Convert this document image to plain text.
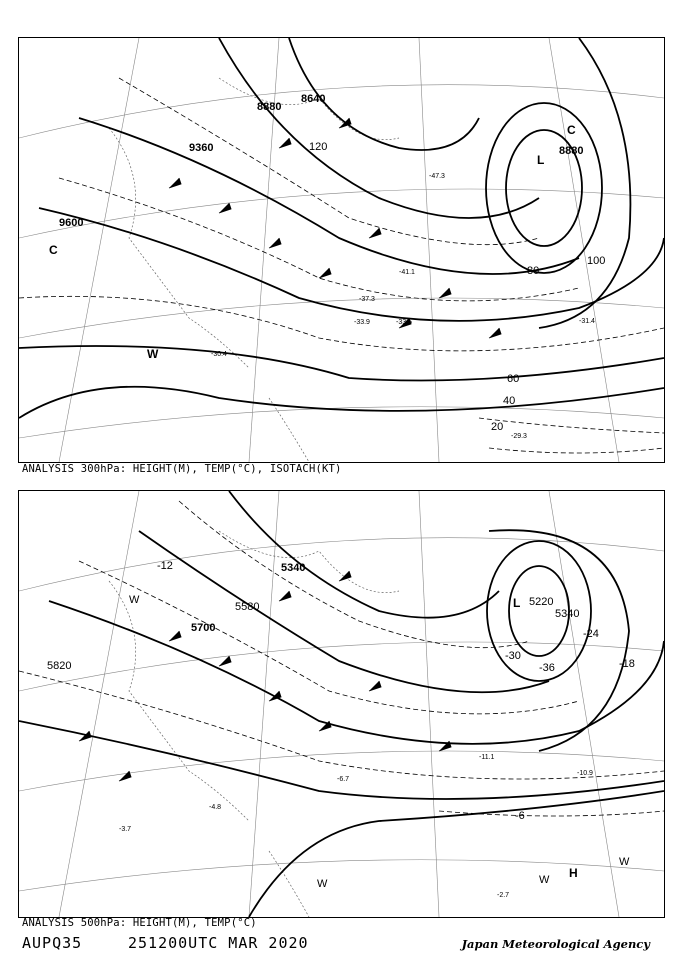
8640
8880
9360
9600
8880
20
40
60
80
100
120
-33.9
-37.3
-33.5
-29.3
-41.1
-47.3
-30.4
-31.4
L
C
C
W
ANALYSIS 300hPa: HEIGHT(M), TEMP(°C), ISOTACH(KT)
5340
5700
5820
5220
5340
5580
-12
-36
-30
-24
-18
-6
-11.1
-10.9
-6.7
-2.7
-4.8
-3.7
L
H
W
W	W
W
ANALYSIS 500hPa: HEIGHT(M), TEMP(°C)
AUPQ35	251200UTC MAR 2020	Japan Meteorological Agency
